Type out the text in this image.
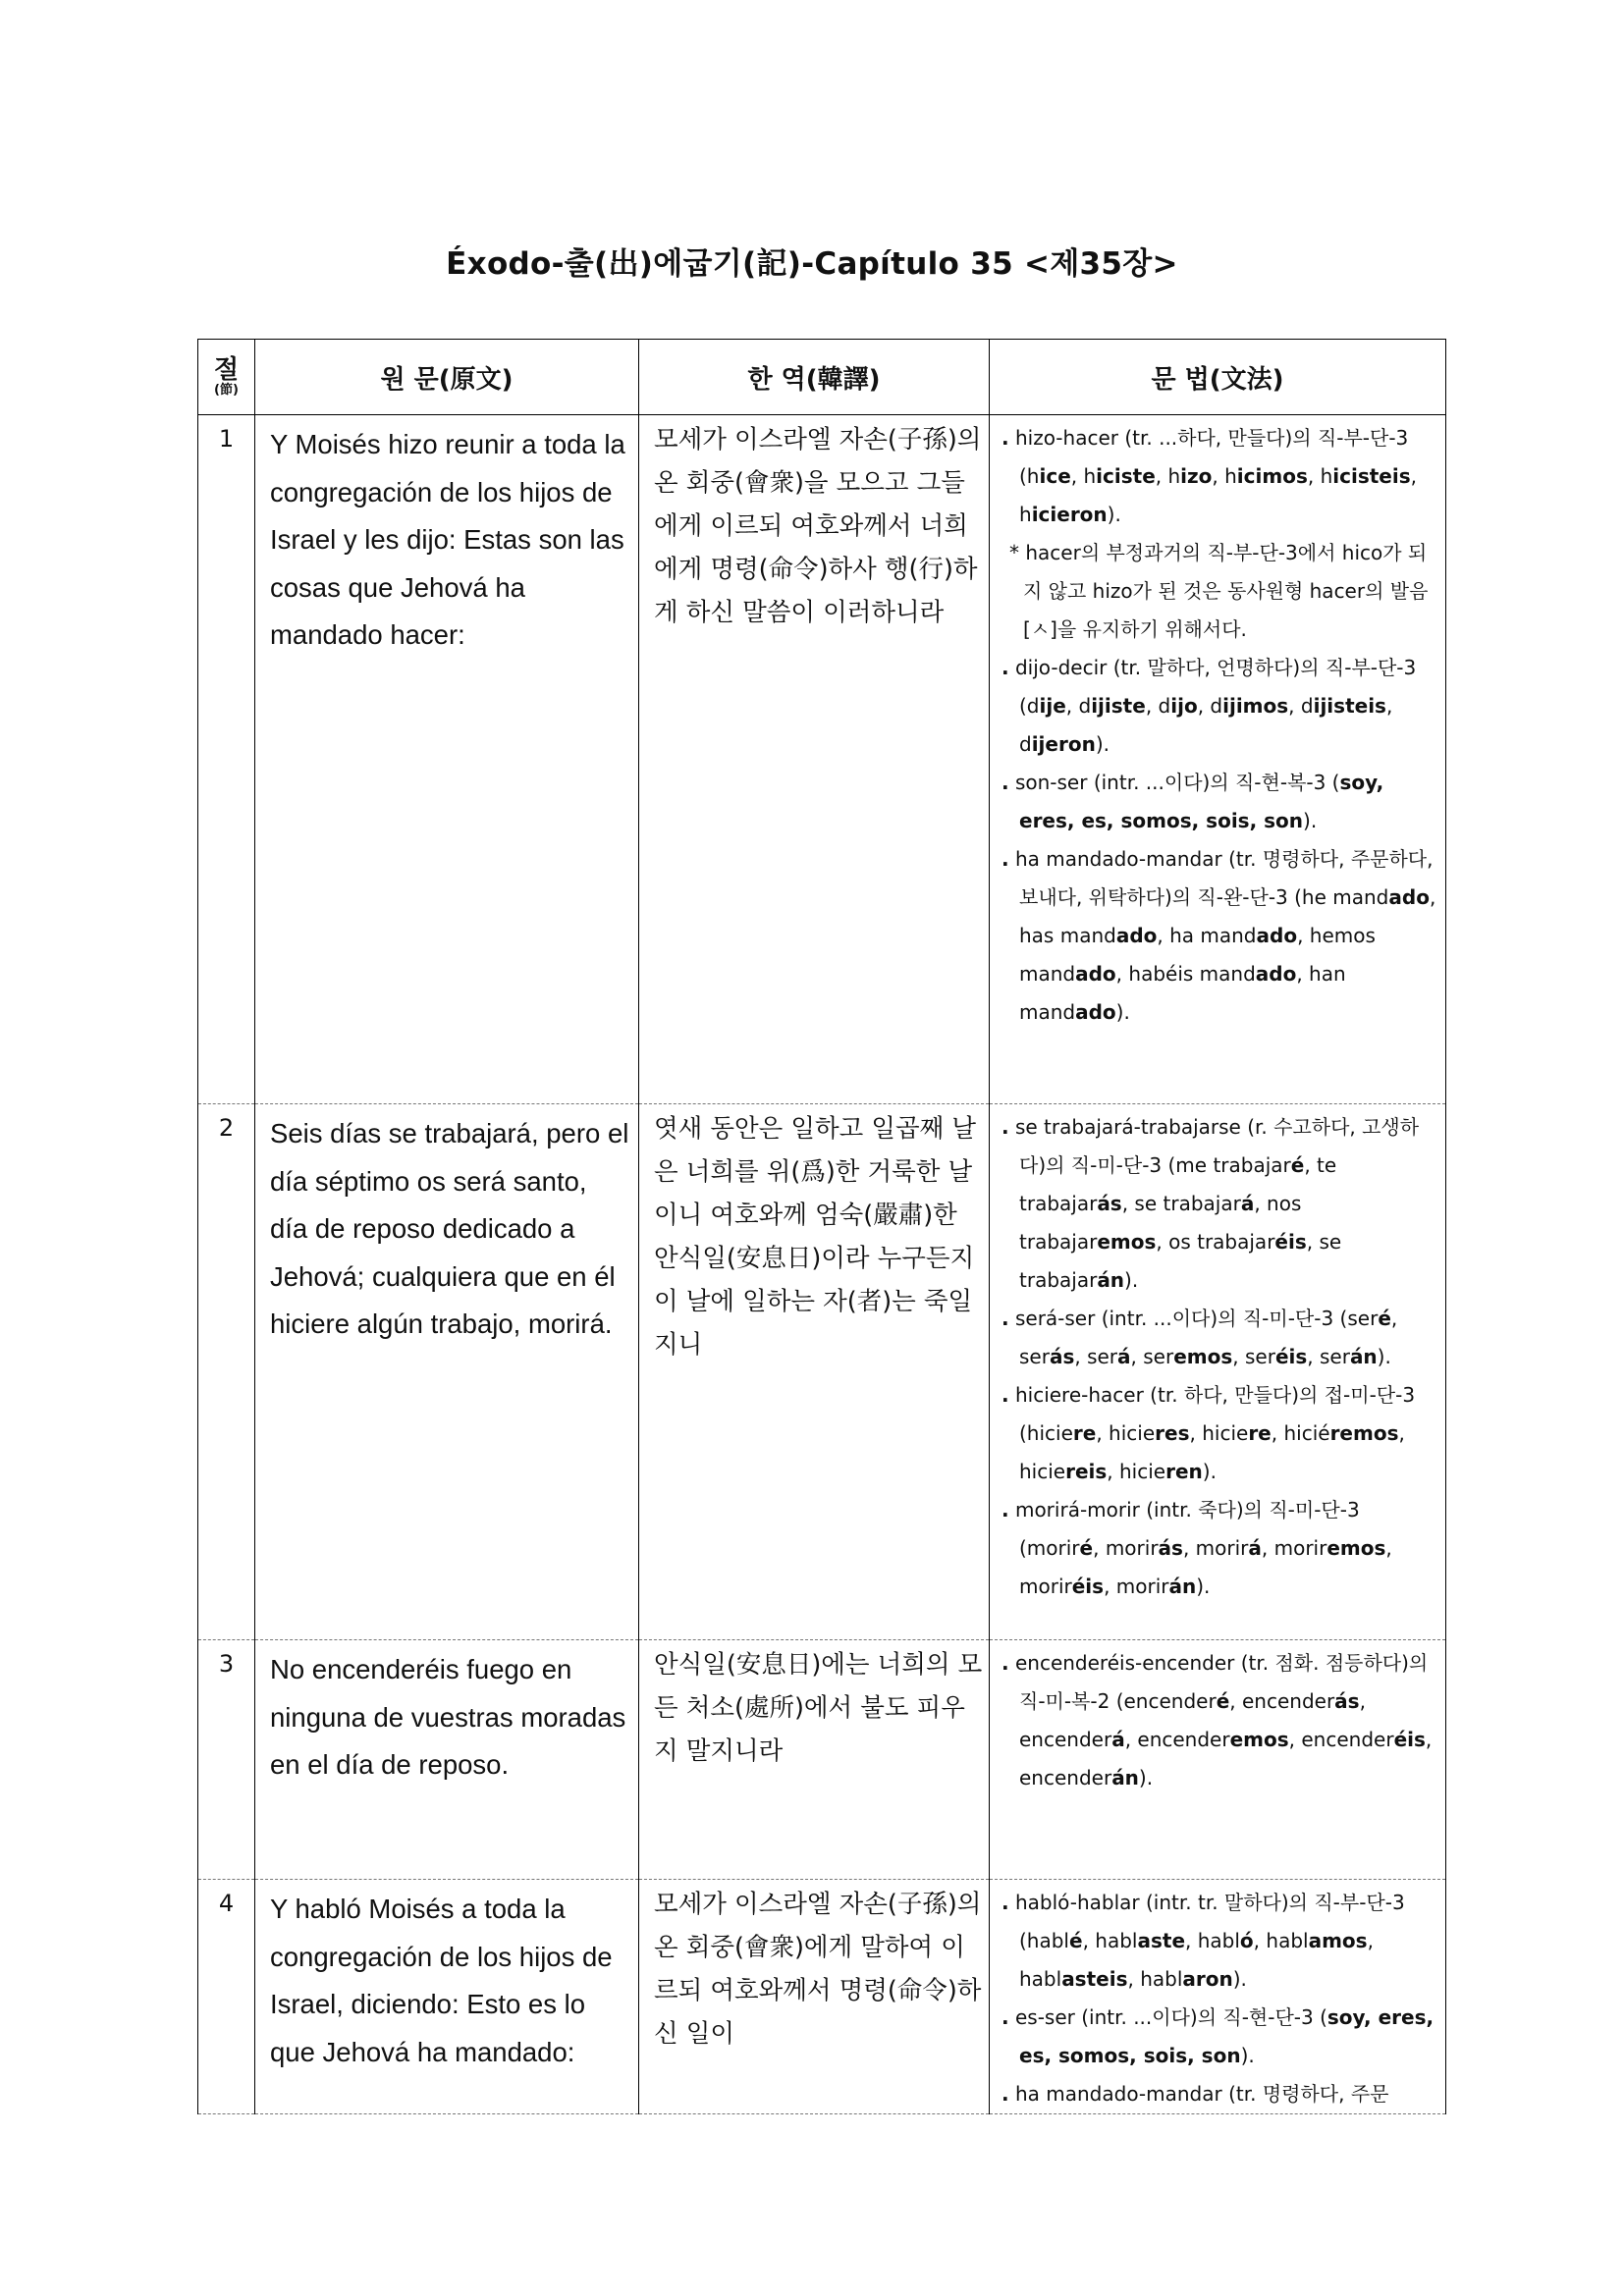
Éxodo-출(出)에굽기(記)-Capítulo 35 <제35장>
절
(節)	원 문(原文)	한 역(韓譯)	문 법(文法)
1	Y Moisés hizo reunir a toda la congregación de los hijos de Israel y les dijo: Estas son las cosas que Jehová ha mandado hacer:	모세가 이스라엘 자손(子孫)의 온 회중(會衆)을 모으고 그들에게 이르되 여호와께서 너희에게 명령(命令)하사 행(行)하게 하신 말씀이 이러하니라	. hizo-hacer (tr. ...하다, 만들다)의 직-부-단-3 (hice, hiciste, hizo, hicimos, hicisteis, hicieron).

* hacer의 부정과거의 직-부-단-3에서 hico가 되지 않고 hizo가 된 것은 동사원형 hacer의 발음 [ㅅ]을 유지하기 위해서다.

. dijo-decir (tr. 말하다, 언명하다)의 직-부-단-3 (dije, dijiste, dijo, dijimos, dijisteis, dijeron).

. son-ser (intr. ...이다)의 직-현-복-3 (soy, eres, es, somos, sois, son).

. ha mandado-mandar (tr. 명령하다, 주문하다, 보내다, 위탁하다)의 직-완-단-3 (he mandado, has mandado, ha mandado, hemos mandado, habéis mandado, han mandado).

2	Seis días se trabajará, pero el día séptimo os será santo, día de reposo dedicado a Jehová; cualquiera que en él hiciere algún trabajo, morirá.	엿새 동안은 일하고 일곱째 날은 너희를 위(爲)한 거룩한 날이니 여호와께 엄숙(嚴肅)한 안식일(安息日)이라 누구든지 이 날에 일하는 자(者)는 죽일지니	. se trabajará-trabajarse (r. 수고하다, 고생하다)의 직-미-단-3 (me trabajaré, te trabajarás, se trabajará, nos trabajaremos, os trabajaréis, se trabajarán).

. será-ser (intr. ...이다)의 직-미-단-3 (seré, serás, será, seremos, seréis, serán).

. hiciere-hacer (tr. 하다, 만들다)의 접-미-단-3 (hiciere, hicieres, hiciere, hiciéremos, hiciereis, hicieren).

. morirá-morir (intr. 죽다)의 직-미-단-3 (moriré, morirás, morirá, moriremos, moriréis, morirán).

3	No encenderéis fuego en ninguna de vuestras moradas en el día de reposo.	안식일(安息日)에는 너희의 모든 처소(處所)에서 불도 피우지 말지니라	. encenderéis-encender (tr. 점화. 점등하다)의 직-미-복-2 (encenderé, encenderás, encenderá, encenderemos, encenderéis, encenderán).

4	Y habló Moisés a toda la congregación de los hijos de Israel, diciendo: Esto es lo que Jehová ha mandado:	모세가 이스라엘 자손(子孫)의 온 회중(會衆)에게 말하여 이르되 여호와께서 명령(命令)하신 일이	. habló-hablar (intr. tr. 말하다)의 직-부-단-3 (hablé, hablaste, habló, hablamos, hablasteis, hablaron).

. es-ser (intr. ...이다)의 직-현-단-3 (soy, eres, es, somos, sois, son).

. ha mandado-mandar (tr. 명령하다, 주문
